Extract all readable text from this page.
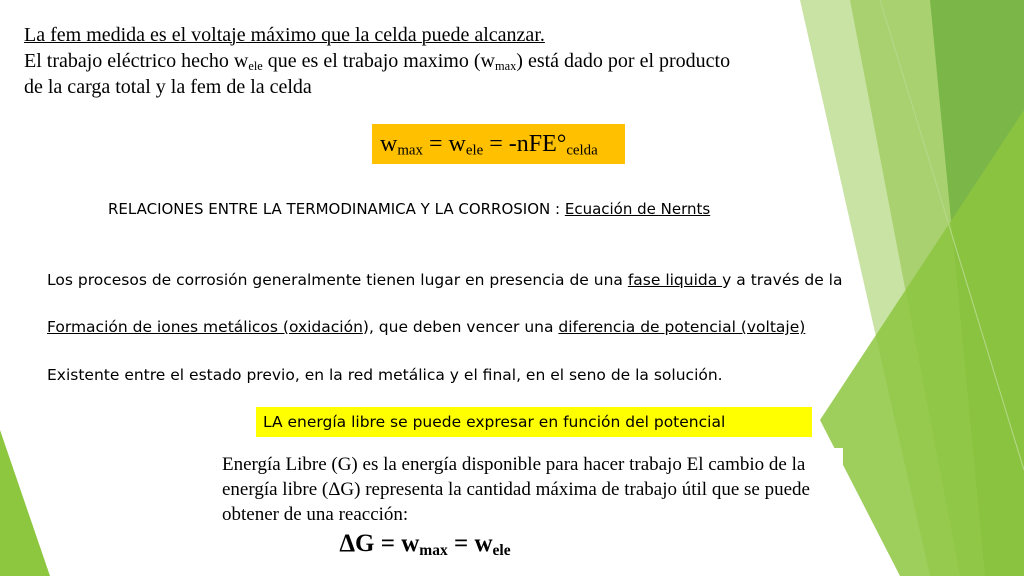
La fem medida es el voltaje máximo que la celda puede alcanzar.
El trabajo eléctrico hecho $w_{ele}$ que es el trabajo maximo $(w_{max})$ está dado por el producto
de la carga total y la fem de la celda
$w_{max} = w_{ele} = -nFE^\circ_{celda}$
RELACIONES ENTRE LA TERMODINAMICA Y LA CORROSION : Ecuación de Nernts
Los procesos de corrosión generalmente tienen lugar en presencia de una fase liquida y a través de la
Formación de iones metálicos (oxidación), que deben vencer una diferencia de potencial (voltaje)
Existente entre el estado previo, en la red metálica y el final, en el seno de la solución.
LA energía libre se puede expresar en función del potencial
Energía Libre (G) es la energía disponible para hacer trabajo El cambio de la energía libre (ΔG) representa la cantidad máxima de trabajo útil que se puede obtener de una reacción:
$\Delta G = w_{max} = w_{ele}$
